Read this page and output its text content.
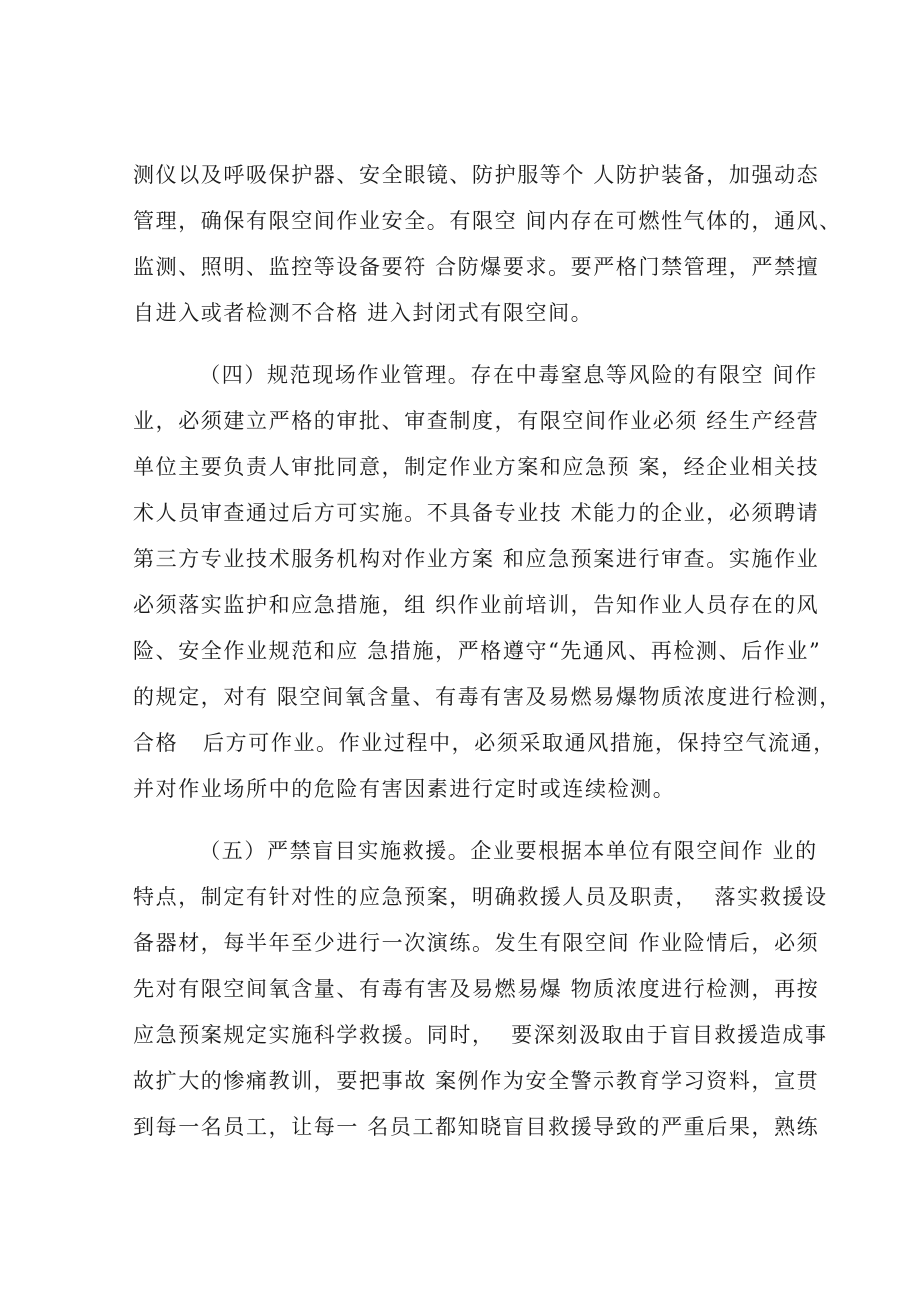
测仪以及呼吸保护器、安全眼镜、防护服等个 人防护装备，加强动态
管理，确保有限空间作业安全。有限空 间内存在可燃性气体的，通风、
监测、照明、监控等设备要符 合防爆要求。要严格门禁管理，严禁擅
自进入或者检测不合格 进入封闭式有限空间。
（四）规范现场作业管理。存在中毒窒息等风险的有限空 间作
业，必须建立严格的审批、审查制度，有限空间作业必须 经生产经营
单位主要负责人审批同意，制定作业方案和应急预 案，经企业相关技
术人员审查通过后方可实施。不具备专业技 术能力的企业，必须聘请
第三方专业技术服务机构对作业方案 和应急预案进行审查。实施作业
必须落实监护和应急措施，组 织作业前培训，告知作业人员存在的风
险、安全作业规范和应 急措施，严格遵守“先通风、再检测、后作业”
的规定，对有 限空间氧含量、有毒有害及易燃易爆物质浓度进行检测，
合格   后方可作业。作业过程中，必须采取通风措施，保持空气流通，
并对作业场所中的危险有害因素进行定时或连续检测。
（五）严禁盲目实施救援。企业要根据本单位有限空间作 业的
特点，制定有针对性的应急预案，明确救援人员及职责，  落实救援设
备器材，每半年至少进行一次演练。发生有限空间 作业险情后，必须
先对有限空间氧含量、有毒有害及易燃易爆 物质浓度进行检测，再按
应急预案规定实施科学救援。同时，  要深刻汲取由于盲目救援造成事
故扩大的惨痛教训，要把事故 案例作为安全警示教育学习资料，宣贯
到每一名员工，让每一 名员工都知晓盲目救援导致的严重后果，熟练
